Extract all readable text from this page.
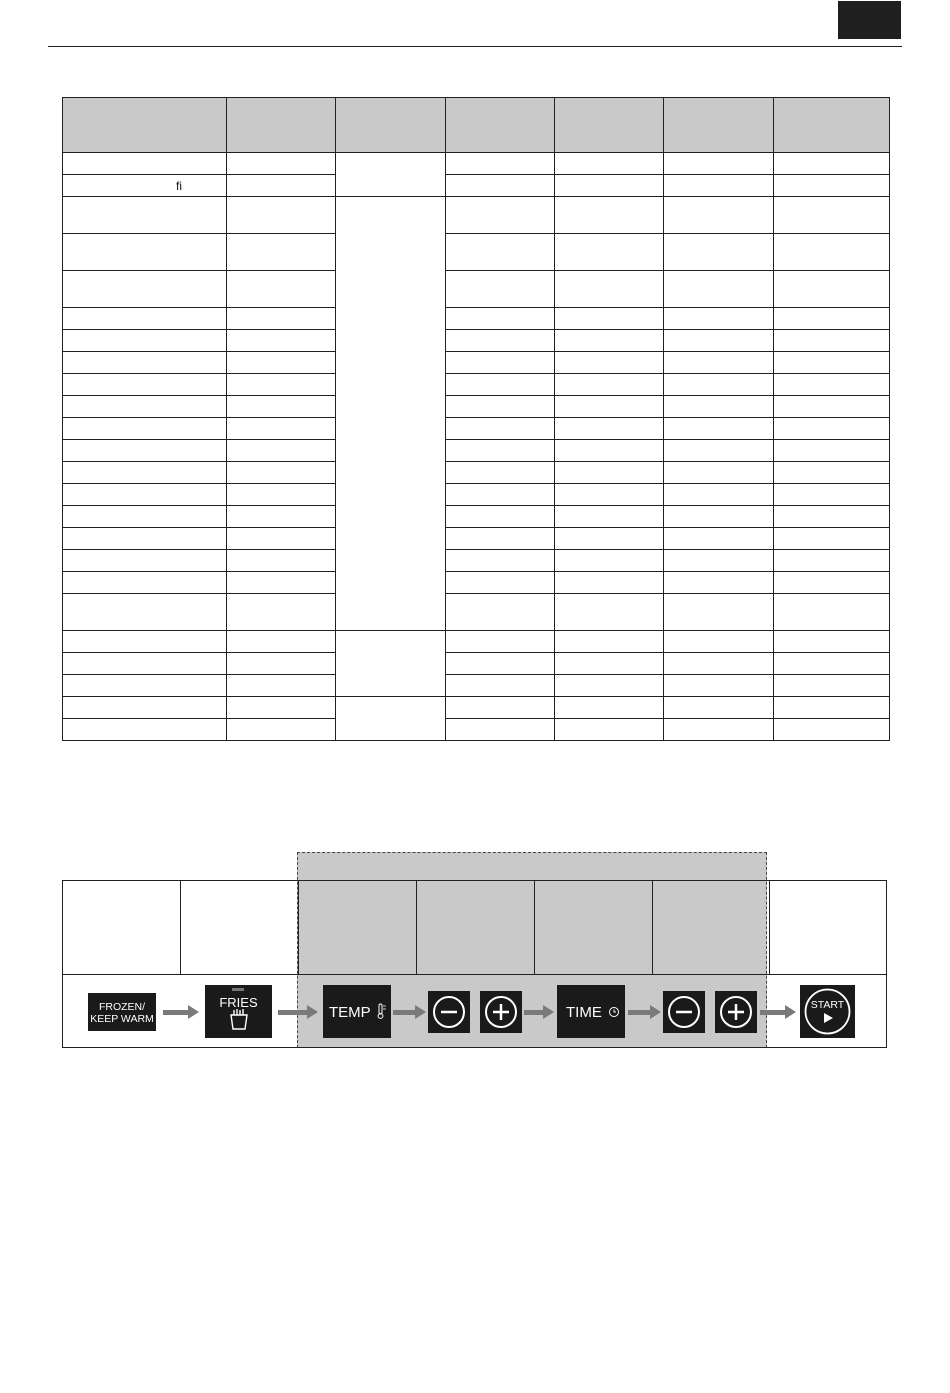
ﬁ						

FROZEN/
KEEP WARM
FRIES
TEMP	TIME	START
